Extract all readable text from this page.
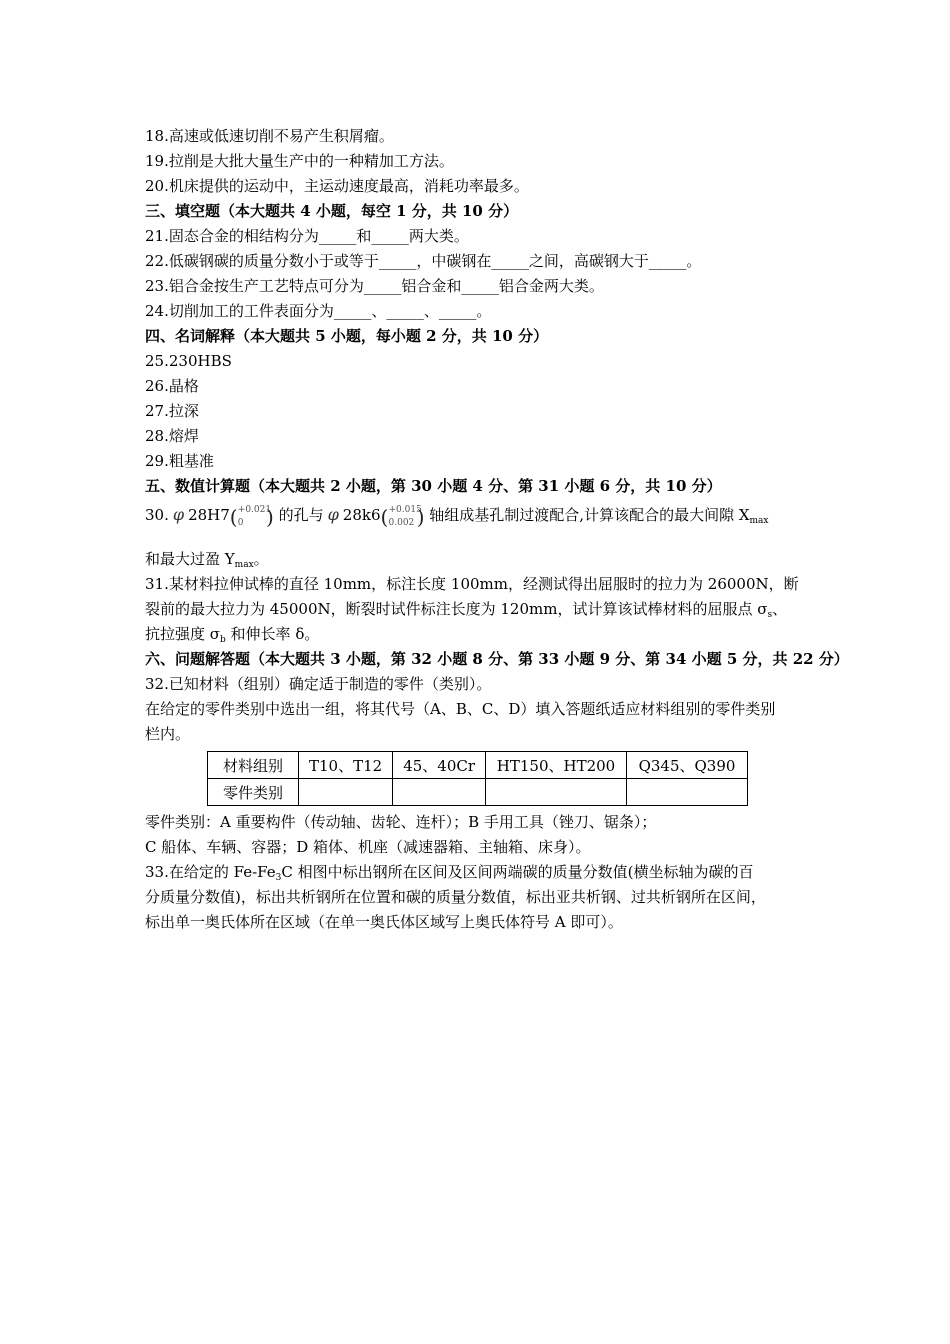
18.高速或低速切削不易产生积屑瘤。
19.拉削是大批大量生产中的一种精加工方法。
20.机床提供的运动中，主运动速度最高，消耗功率最多。
三、填空题（本大题共 4 小题，每空 1 分，共 10 分）
21.固态合金的相结构分为_____和_____两大类。
22.低碳钢碳的质量分数小于或等于_____，中碳钢在_____之间，高碳钢大于_____。
23.铝合金按生产工艺特点可分为_____铝合金和_____铝合金两大类。
24.切削加工的工件表面分为_____、_____、_____。
四、名词解释（本大题共 5 小题，每小题 2 分，共 10 分）
25.230HBS
26.晶格
27.拉深
28.熔焊
29.粗基准
五、数值计算题（本大题共 2 小题，第 30 小题 4 分、第 31 小题 6 分，共 10 分）
30. φ 28H7 ( +0.021
0 ) 的孔与 φ 28k6 ( +0.015
0.002 ) 轴组成基孔制过渡配合,计算该配合的最大间隙 $X_{max}$
和最大过盈 $Y_{max}$。
31.某材料拉伸试棒的直径 10mm，标注长度 100mm，经测试得出屈服时的拉力为 26000N，断
裂前的最大拉力为 45000N，断裂时试件标注长度为 120mm，试计算该试棒材料的屈服点 $\sigma_s$、
抗拉强度 $\sigma_b$ 和伸长率 δ。
六、问题解答题（本大题共 3 小题，第 32 小题 8 分、第 33 小题 9 分、第 34 小题 5 分，共 22 分）
32.已知材料（组别）确定适于制造的零件（类别）。
在给定的零件类别中选出一组，将其代号（A、B、C、D）填入答题纸适应材料组别的零件类别
栏内。
材料组别	T10、T12	45、40Cr	HT150、HT200	Q345、Q390
零件类别				
零件类别：A 重要构件（传动轴、齿轮、连杆）；B 手用工具（锉刀、锯条）；
C 船体、车辆、容器；D 箱体、机座（减速器箱、主轴箱、床身）。
33.在给定的 $Fe-Fe_3C$ 相图中标出钢所在区间及区间两端碳的质量分数值(横坐标轴为碳的百
分质量分数值)，标出共析钢所在位置和碳的质量分数值，标出亚共析钢、过共析钢所在区间，
标出单一奥氏体所在区域（在单一奥氏体区域写上奥氏体符号 A 即可）。
